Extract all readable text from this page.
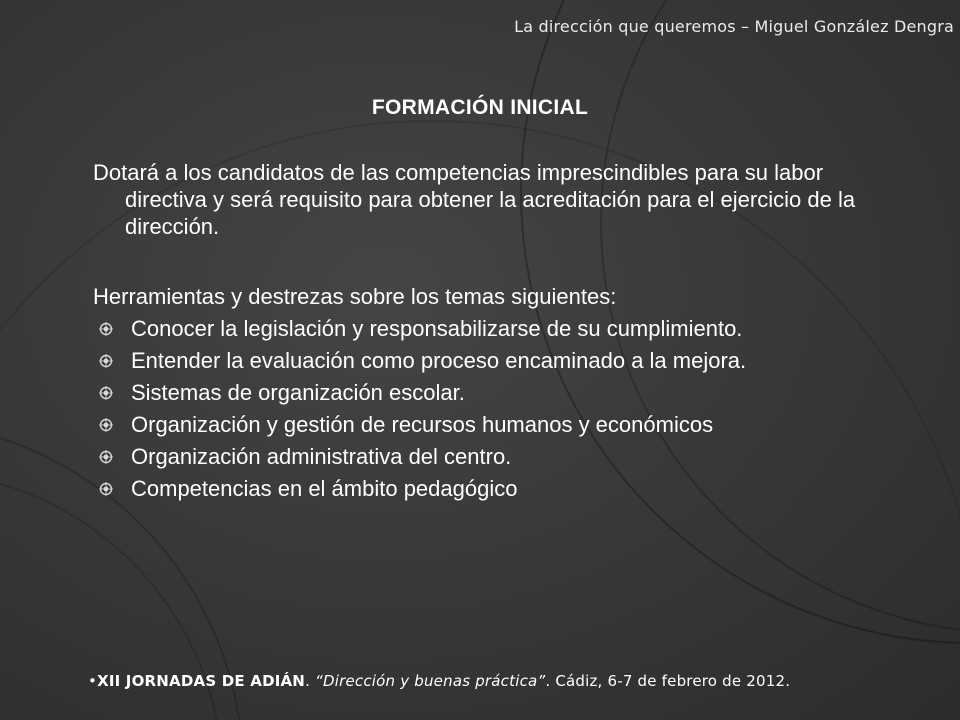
La dirección que queremos – Miguel González Dengra
FORMACIÓN INICIAL
Dotará a los candidatos de las competencias imprescindibles para su labor directiva y será requisito para obtener la acreditación para el ejercicio de la dirección.
Herramientas y destrezas sobre los temas siguientes:
Conocer la legislación y responsabilizarse de su cumplimiento.
Entender la evaluación como proceso encaminado a la mejora.
Sistemas de organización escolar.
Organización y gestión de recursos humanos y económicos
Organización administrativa del centro.
Competencias en el ámbito pedagógico
•XII JORNADAS DE ADIÁN. “Dirección y buenas práctica”. Cádiz, 6-7 de febrero de 2012.
